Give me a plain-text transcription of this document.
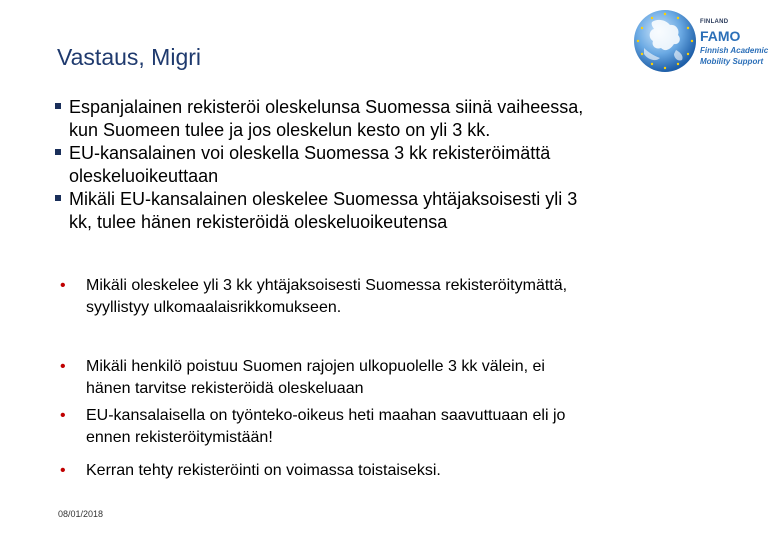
Vastaus, Migri
FINLAND
FAMO
Finnish Academic
Mobility Support
Espanjalainen rekisteröi oleskelunsa Suomessa siinä vaiheessa,
kun Suomeen tulee ja jos oleskelun kesto on yli 3 kk.
EU-kansalainen voi oleskella Suomessa 3 kk rekisteröimättä
oleskeluoikeuttaan
Mikäli EU-kansalainen oleskelee Suomessa yhtäjaksoisesti yli 3
kk, tulee hänen rekisteröidä oleskeluoikeutensa
• Mikäli oleskelee yli 3 kk yhtäjaksoisesti Suomessa rekisteröitymättä,
syyllistyy ulkomaalaisrikkomukseen.
• Mikäli henkilö poistuu Suomen rajojen ulkopuolelle 3 kk välein, ei
hänen tarvitse rekisteröidä oleskeluaan
• EU-kansalaisella on työnteko-oikeus heti maahan saavuttuaan eli jo
ennen rekisteröitymistään!
• Kerran tehty rekisteröinti on voimassa toistaiseksi.
08/01/2018
